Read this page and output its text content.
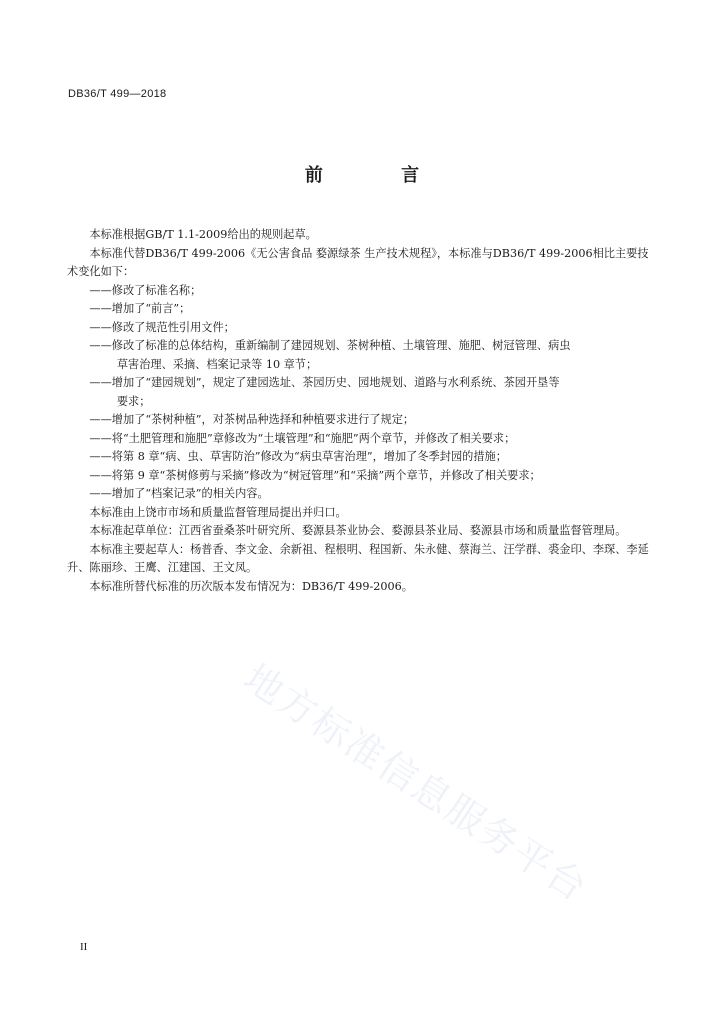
DB36/T 499—2018
前 言

本标准根据GB/T 1.1-2009给出的规则起草。

本标准代替DB36/T 499-2006《无公害食品 婺源绿茶 生产技术规程》，本标准与DB36/T 499-2006相比主要技术变化如下：

——修改了标准名称；

——增加了“前言”；

——修改了规范性引用文件；

——修改了标准的总体结构，重新编制了建园规划、茶树种植、土壤管理、施肥、树冠管理、病虫
草害治理、采摘、档案记录等 10 章节；

——增加了“建园规划”，规定了建园选址、茶园历史、园地规划、道路与水利系统、茶园开垦等
要求；

——增加了“茶树种植”，对茶树品种选择和种植要求进行了规定；

——将“土肥管理和施肥”章修改为“土壤管理”和“施肥”两个章节，并修改了相关要求；

——将第 8 章“病、虫、草害防治”修改为“病虫草害治理”，增加了冬季封园的措施；

——将第 9 章“茶树修剪与采摘”修改为“树冠管理”和“采摘”两个章节，并修改了相关要求；

——增加了“档案记录”的相关内容。

本标准由上饶市市场和质量监督管理局提出并归口。

本标准起草单位：江西省蚕桑茶叶研究所、婺源县茶业协会、婺源县茶业局、婺源县市场和质量监督管理局。

本标准主要起草人：杨普香、李文金、余新祖、程根明、程国新、朱永健、蔡海兰、汪学群、裘金印、李琛、李延升、陈丽珍、王鹰、江建国、王文凤。

本标准所替代标准的历次版本发布情况为：DB36/T 499-2006。

地方标准信息服务平台
II
